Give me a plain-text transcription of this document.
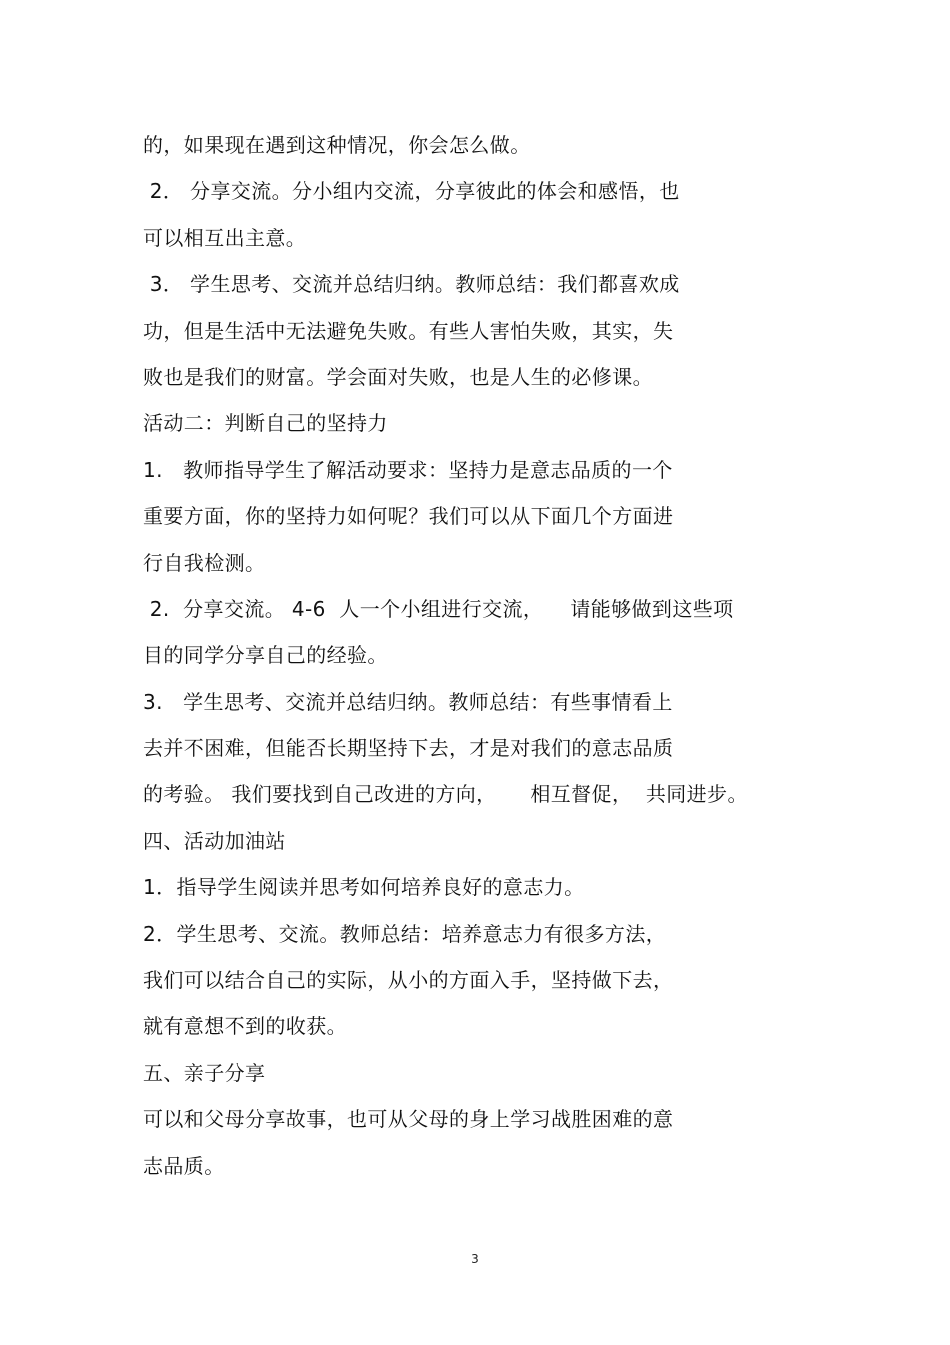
的，如果现在遇到这种情况，你会怎么做。
2． 分享交流。分小组内交流，分享彼此的体会和感悟，也
可以相互出主意。
3． 学生思考、交流并总结归纳。教师总结：我们都喜欢成
功，但是生活中无法避免失败。有些人害怕失败，其实，失
败也是我们的财富。学会面对失败，也是人生的必修课。
活动二：判断自己的坚持力
1.   教师指导学生了解活动要求：坚持力是意志品质的一个
重要方面，你的坚持力如何呢？我们可以从下面几个方面进
行自我检测。
2.  分享交流。 4-6  人一个小组进行交流，    请能够做到这些项
目的同学分享自己的经验。
3.   学生思考、交流并总结归纳。教师总结：有些事情看上
去并不困难，但能否长期坚持下去，才是对我们的意志品质
的考验。 我们要找到自己改进的方向，     相互督促，  共同进步。
四、活动加油站
1．指导学生阅读并思考如何培养良好的意志力。
2．学生思考、交流。教师总结：培养意志力有很多方法，
我们可以结合自己的实际，从小的方面入手，坚持做下去，
就有意想不到的收获。
五、亲子分享
可以和父母分享故事，也可从父母的身上学习战胜困难的意
志品质。
3
